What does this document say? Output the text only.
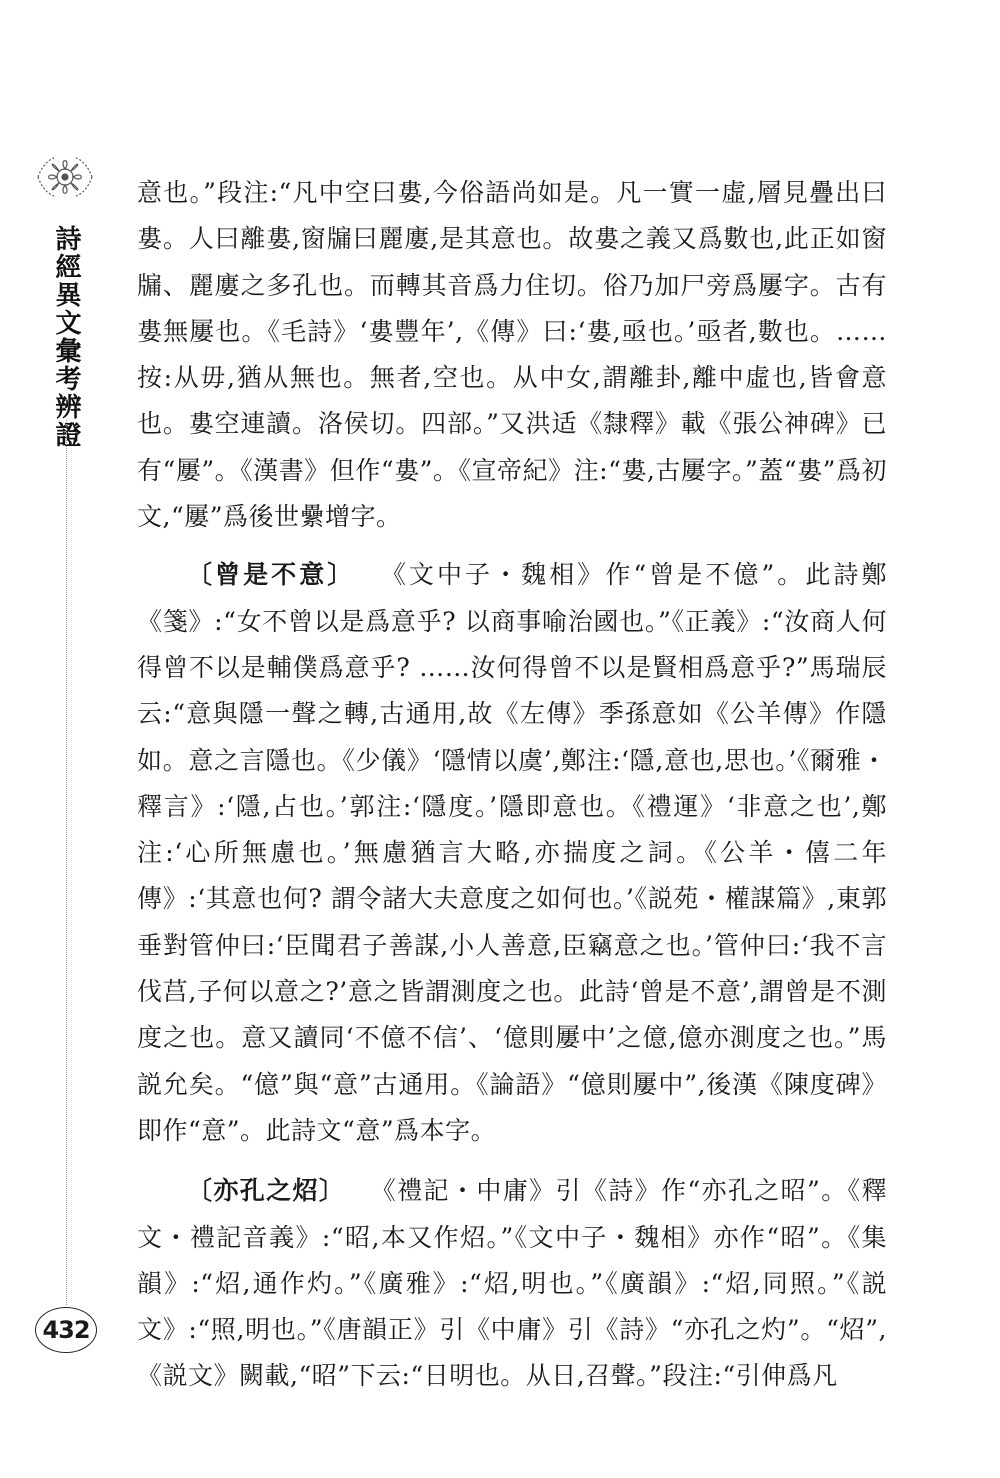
詩經異文彙考辨證
432

意也。”段注:“凡中空曰婁,今俗語尚如是。凡一實一虛,層見疊出曰婁。人曰離婁,窗牖曰麗廔,是其意也。故婁之義又爲數也,此正如窗牖、麗廔之多孔也。而轉其音爲力住切。俗乃加尸旁爲屢字。古有婁無屢也。《毛詩》‘婁豐年’,《傳》曰:‘婁,亟也。’亟者,數也。……按:从毋,猶从無也。無者,空也。从中女,謂離卦,離中虛也,皆會意也。婁空連讀。洛侯切。四部。”又洪适《隸釋》載《張公神碑》已有“屢”。《漢書》但作“婁”。《宣帝紀》注:“婁,古屢字。”蓋“婁”爲初文,“屢”爲後世纍增字。

〔曾是不意〕 《文中子・魏相》作“曾是不億”。此詩鄭《箋》:“女不曾以是爲意乎? 以商事喻治國也。”《正義》:“汝商人何得曾不以是輔僕爲意乎? ……汝何得曾不以是賢相爲意乎?”馬瑞辰云:“意與隱一聲之轉,古通用,故《左傳》季孫意如《公羊傳》作隱如。意之言隱也。《少儀》‘隱情以虞’,鄭注:‘隱,意也,思也。’《爾雅・釋言》:‘隱,占也。’郭注:‘隱度。’隱即意也。《禮運》‘非意之也’,鄭注:‘心所無慮也。’無慮猶言大略,亦揣度之詞。《公羊・僖二年傳》:‘其意也何? 謂令諸大夫意度之如何也。’《説苑・權謀篇》,東郭垂對管仲曰:‘臣聞君子善謀,小人善意,臣竊意之也。’管仲曰:‘我不言伐莒,子何以意之?’意之皆謂測度之也。此詩‘曾是不意’,謂曾是不測度之也。意又讀同‘不億不信’、‘億則屢中’之億,億亦測度之也。”馬説允矣。“億”與“意”古通用。《論語》“億則屢中”,後漢《陳度碑》即作“意”。此詩文“意”爲本字。

〔亦孔之炤〕 《禮記・中庸》引《詩》作“亦孔之昭”。《釋文・禮記音義》:“昭,本又作炤。”《文中子・魏相》亦作“昭”。《集韻》:“炤,通作灼。”《廣雅》:“炤,明也。”《廣韻》:“炤,同照。”《説文》:“照,明也。”《唐韻正》引《中庸》引《詩》“亦孔之灼”。“炤”,《説文》闕載,“昭”下云:“日明也。从日,召聲。”段注:“引伸爲凡
